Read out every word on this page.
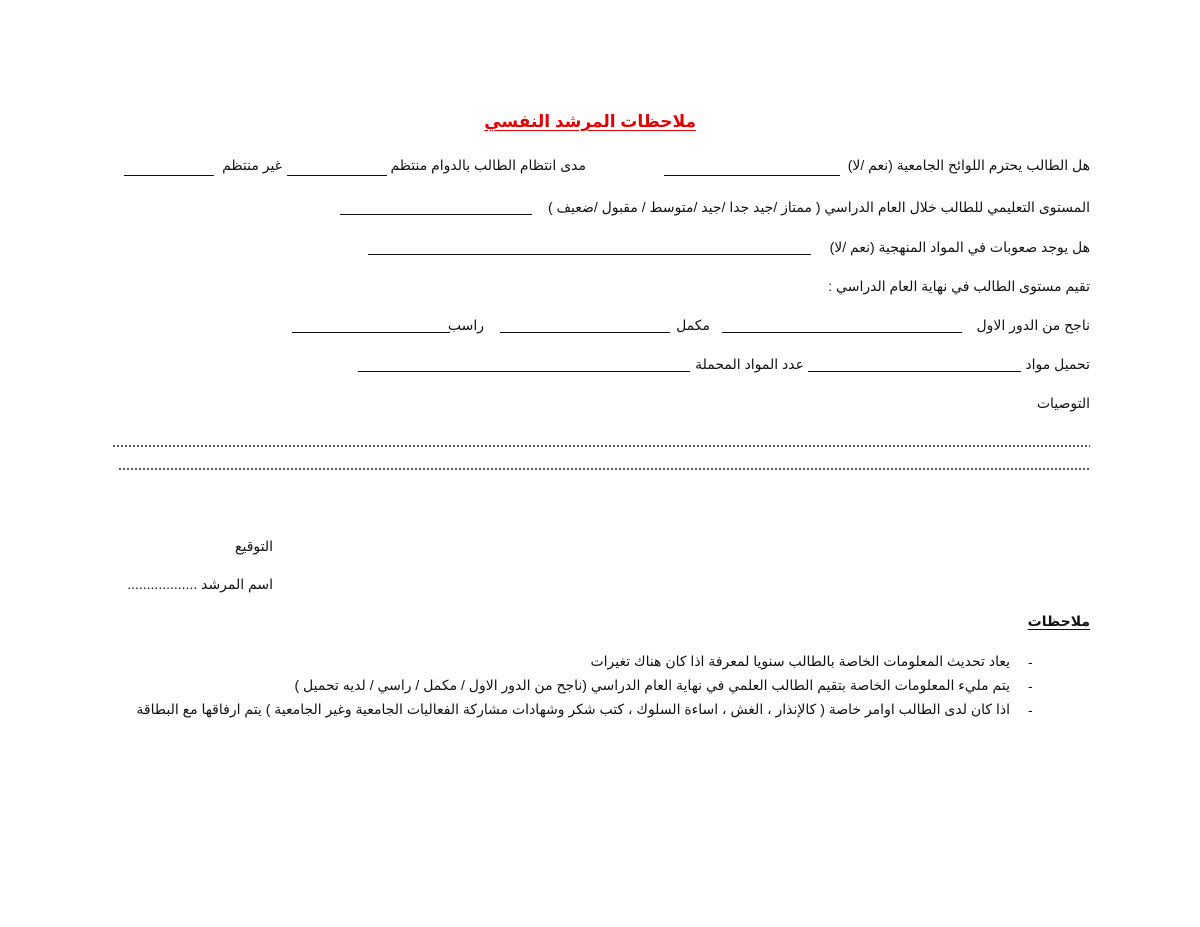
ملاحظات المرشد النفسي
هل الطالب يحترم اللوائح الجامعية (نعم /لا)
مدى انتظام الطالب بالدوام منتظم
غير منتظم
المستوى التعليمي للطالب خلال العام الدراسي ( ممتاز /جيد جدا /جيد /متوسط / مقبول /ضعيف )
هل يوجد صعوبات في المواد المنهجية (نعم /لا)
تقيم مستوى الطالب في نهاية العام الدراسي :
ناجح من الدور الاول
مكمل
راسب
تحميل مواد
عدد المواد المحملة
التوصيات
التوقيع
اسم المرشد ..................
ملاحظات
-
يعاد تحديث المعلومات الخاصة بالطالب سنويا لمعرفة اذا كان هناك تغيرات
-
يتم مليء المعلومات الخاصة بتقيم الطالب العلمي في نهاية العام الدراسي (ناجح من الدور الاول / مكمل / راسي / لديه تحميل )
-
اذا كان لدى الطالب اوامر خاصة ( كالإنذار ، الغش ، اساءة السلوك ، كتب شكر وشهادات مشاركة الفعاليات الجامعية وغير الجامعية ) يتم ارفاقها مع البطاقة
